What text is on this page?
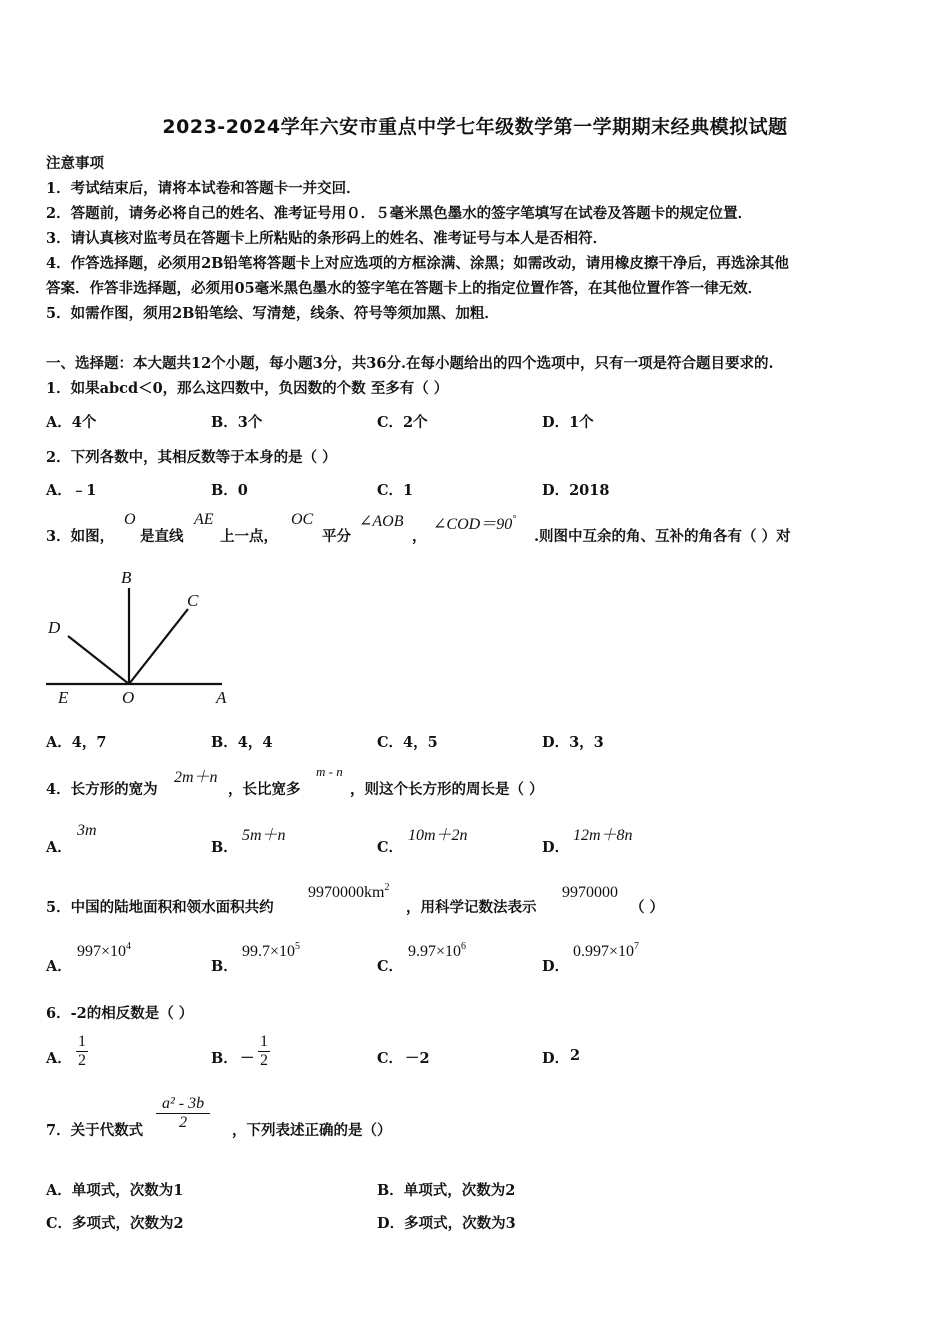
2023-2024学年六安市重点中学七年级数学第一学期期末经典模拟试题
注意事项
1．考试结束后，请将本试卷和答题卡一并交回．
2．答题前，请务必将自己的姓名、准考证号用０．５毫米黑色墨水的签字笔填写在试卷及答题卡的规定位置．
3．请认真核对监考员在答题卡上所粘贴的条形码上的姓名、准考证号与本人是否相符．
4．作答选择题，必须用2B铅笔将答题卡上对应选项的方框涂满、涂黑；如需改动，请用橡皮擦干净后，再选涂其他
答案．作答非选择题，必须用05毫米黑色墨水的签字笔在答题卡上的指定位置作答，在其他位置作答一律无效．
5．如需作图，须用2B铅笔绘、写清楚，线条、符号等须加黑、加粗．
一、选择题：本大题共12个小题，每小题3分，共36分.在每小题给出的四个选项中，只有一项是符合题目要求的.
1．如果abcd＜0，那么这四数中，负因数的个数 至多有（ ）
A．4个	B．3个	C．2个	D．1个
2．下列各数中，其相反数等于本身的是（ ）
A．﹣1	B．0	C．1	D．2018
3．如图，
O
是直线
AE
上一点，
OC
平分
∠AOB
，
∠COD＝90°
.则图中互余的角、互补的角各有（ ）对
B
C
D
E	O	A
A．4，7	B．4，4	C．4，5	D．3，3
4．长方形的宽为
2m＋n
，长比宽多
m - n
，则这个长方形的周长是（ ）
A．
3m
B．
5m＋n
C．
10m＋2n
D．
12m＋8n
5．中国的陆地面积和领水面积共约
$9970000km^2$
，用科学记数法表示
9970000
（ ）
A．
$997\times 10^4$
B．
$99.7\times 10^5$
C．
$9.97\times 10^6$
D．
$0.997\times 10^7$
6．-2的相反数是（ ）
A． $\frac{1}{2}$	B． － $\frac{1}{2}$	C． －2	D． 2
7．关于代数式 $\frac{\text{a² - 3b}}{2}$ ，下列表述正确的是（）
A．单项式，次数为1	B．单项式，次数为2
C．多项式，次数为2	D．多项式，次数为3
